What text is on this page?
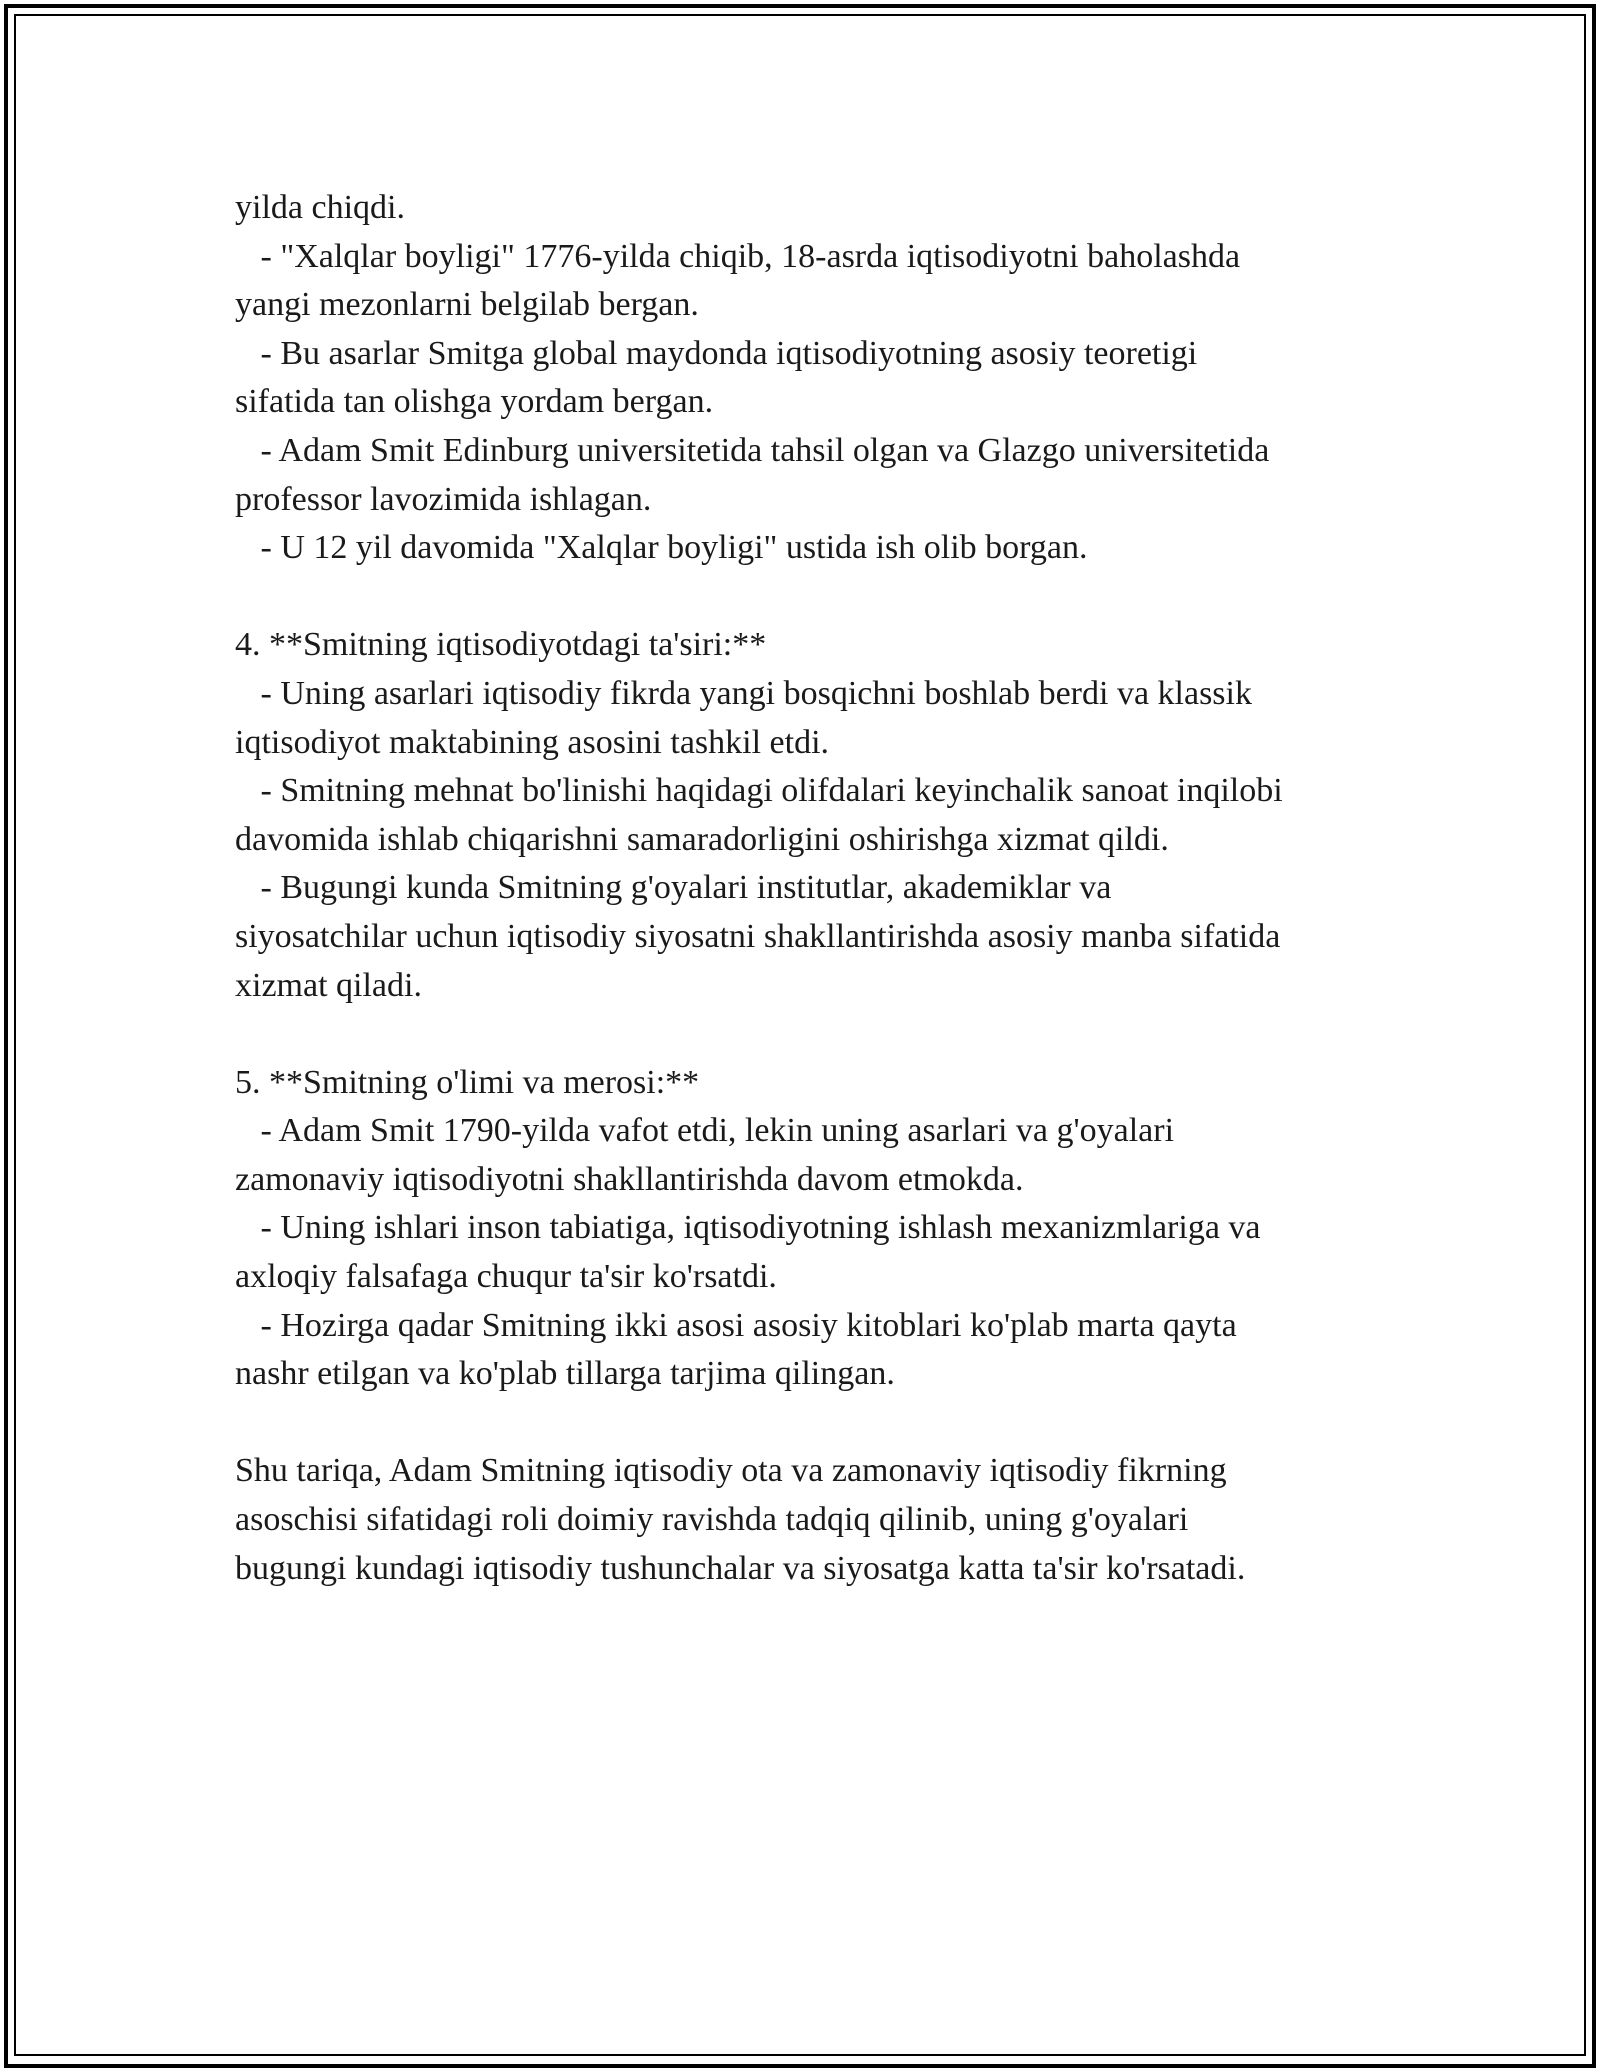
yilda chiqdi.
- "Xalqlar boyligi" 1776-yilda chiqib, 18-asrda iqtisodiyotni baholashda
yangi mezonlarni belgilab bergan.
- Bu asarlar Smitga global maydonda iqtisodiyotning asosiy teoretigi
sifatida tan olishga yordam bergan.
- Adam Smit Edinburg universitetida tahsil olgan va Glazgo universitetida
professor lavozimida ishlagan.
- U 12 yil davomida "Xalqlar boyligi" ustida ish olib borgan.
4. **Smitning iqtisodiyotdagi ta'siri:**
- Uning asarlari iqtisodiy fikrda yangi bosqichni boshlab berdi va klassik
iqtisodiyot maktabining asosini tashkil etdi.
- Smitning mehnat bo'linishi haqidagi olifdalari keyinchalik sanoat inqilobi
davomida ishlab chiqarishni samaradorligini oshirishga xizmat qildi.
- Bugungi kunda Smitning g'oyalari institutlar, akademiklar va
siyosatchilar uchun iqtisodiy siyosatni shakllantirishda asosiy manba sifatida
xizmat qiladi.
5. **Smitning o'limi va merosi:**
- Adam Smit 1790-yilda vafot etdi, lekin uning asarlari va g'oyalari
zamonaviy iqtisodiyotni shakllantirishda davom etmokda.
- Uning ishlari inson tabiatiga, iqtisodiyotning ishlash mexanizmlariga va
axloqiy falsafaga chuqur ta'sir ko'rsatdi.
- Hozirga qadar Smitning ikki asosi asosiy kitoblari ko'plab marta qayta
nashr etilgan va ko'plab tillarga tarjima qilingan.
Shu tariqa, Adam Smitning iqtisodiy ota va zamonaviy iqtisodiy fikrning
asoschisi sifatidagi roli doimiy ravishda tadqiq qilinib, uning g'oyalari
bugungi kundagi iqtisodiy tushunchalar va siyosatga katta ta'sir ko'rsatadi.
